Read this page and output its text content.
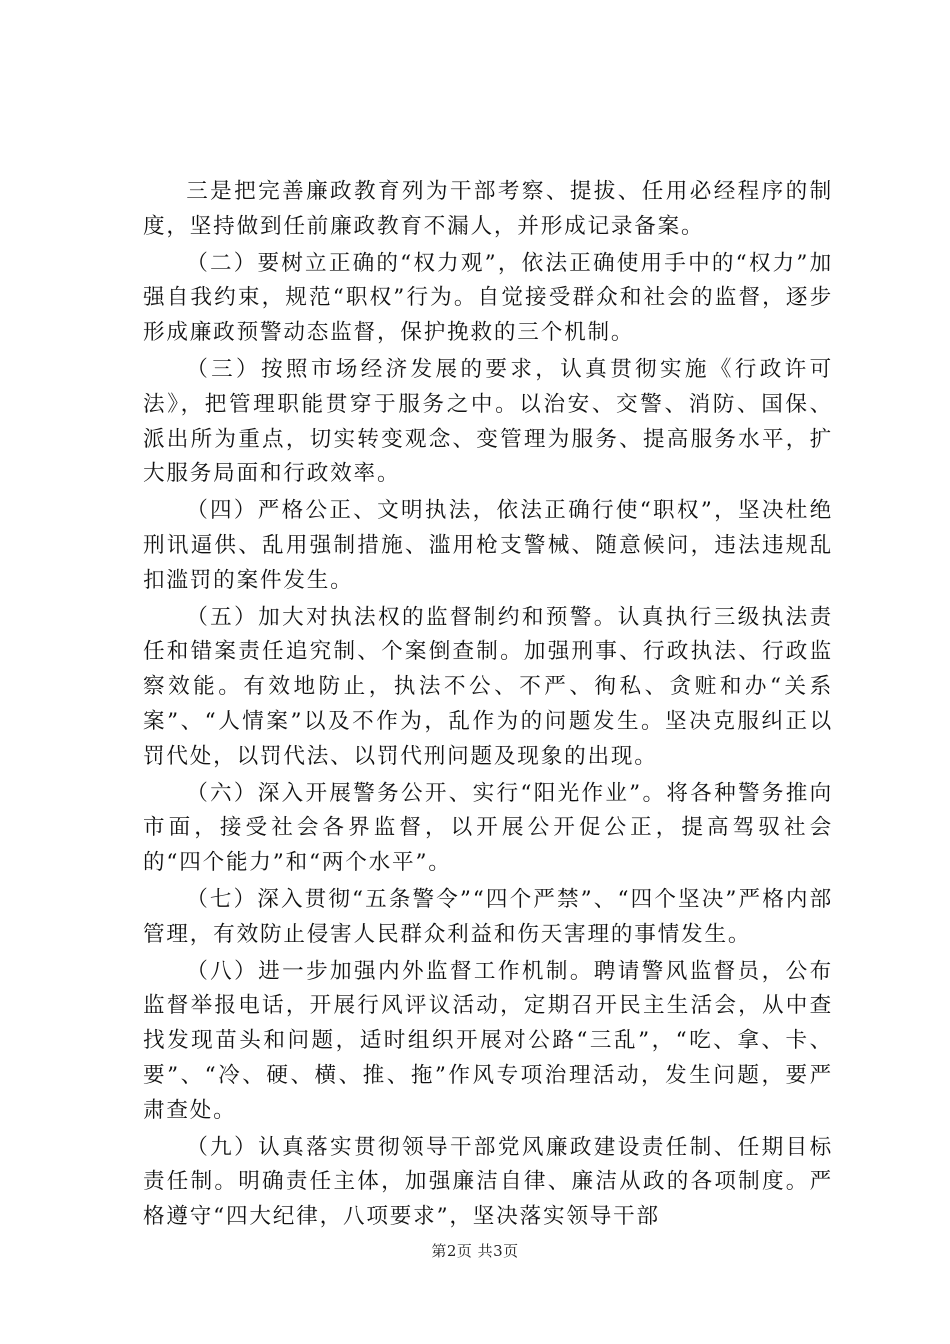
三是把完善廉政教育列为干部考察、提拔、任用必经程序的制度，坚持做到任前廉政教育不漏人，并形成记录备案。

（二）要树立正确的“权力观”，依法正确使用手中的“权力”加强自我约束，规范“职权”行为。自觉接受群众和社会的监督，逐步形成廉政预警动态监督，保护挽救的三个机制。

（三）按照市场经济发展的要求，认真贯彻实施《行政许可法》，把管理职能贯穿于服务之中。以治安、交警、消防、国保、派出所为重点，切实转变观念、变管理为服务、提高服务水平，扩大服务局面和行政效率。

（四）严格公正、文明执法，依法正确行使“职权”，坚决杜绝刑讯逼供、乱用强制措施、滥用枪支警械、随意候问，违法违规乱扣滥罚的案件发生。

（五）加大对执法权的监督制约和预警。认真执行三级执法责任和错案责任追究制、个案倒查制。加强刑事、行政执法、行政监察效能。有效地防止，执法不公、不严、徇私、贪赃和办“关系案”、“人情案”以及不作为，乱作为的问题发生。坚决克服纠正以罚代处，以罚代法、以罚代刑问题及现象的出现。

（六）深入开展警务公开、实行“阳光作业”。将各种警务推向市面，接受社会各界监督，以开展公开促公正，提高驾驭社会的“四个能力”和“两个水平”。

（七）深入贯彻“五条警令”“四个严禁”、“四个坚决”严格内部管理，有效防止侵害人民群众利益和伤天害理的事情发生。

（八）进一步加强内外监督工作机制。聘请警风监督员，公布监督举报电话，开展行风评议活动，定期召开民主生活会，从中查找发现苗头和问题，适时组织开展对公路“三乱”，“吃、拿、卡、要”、“冷、硬、横、推、拖”作风专项治理活动，发生问题，要严肃查处。

（九）认真落实贯彻领导干部党风廉政建设责任制、任期目标责任制。明确责任主体，加强廉洁自律、廉洁从政的各项制度。严格遵守“四大纪律，八项要求”，坚决落实领导干部

第2页 共3页
